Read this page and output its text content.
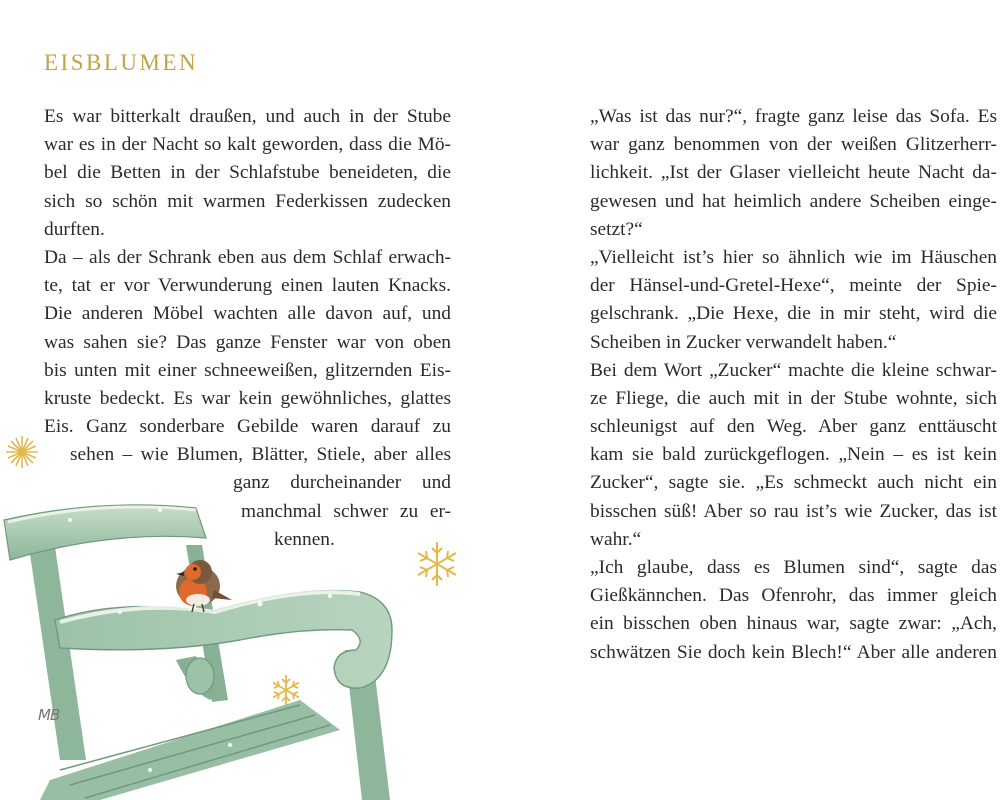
EISBLUMEN
Es war bitterkalt draußen, und auch in der Stube
war es in der Nacht so kalt geworden, dass die Mö-
bel die Betten in der Schlafstube beneideten, die
sich so schön mit warmen Federkissen zudecken
durften.
Da – als der Schrank eben aus dem Schlaf erwach-
te, tat er vor Verwunderung einen lauten Knacks.
Die anderen Möbel wachten alle davon auf, und
was sahen sie? Das ganze Fenster war von oben
bis unten mit einer schneeweißen, glitzernden Eis-
kruste bedeckt. Es war kein gewöhnliches, glattes
Eis. Ganz sonderbare Gebilde waren darauf zu
sehen – wie Blumen, Blätter, Stiele, aber alles
ganz durcheinander und
manchmal schwer zu er-
kennen.
„Was ist das nur?“, fragte ganz leise das Sofa. Es
war ganz benommen von der weißen Glitzerherr-
lichkeit. „Ist der Glaser vielleicht heute Nacht da-
gewesen und hat heimlich andere Scheiben einge-
setzt?“
„Vielleicht ist’s hier so ähnlich wie im Häuschen
der Hänsel-und-Gretel-Hexe“, meinte der Spie-
gelschrank. „Die Hexe, die in mir steht, wird die
Scheiben in Zucker verwandelt haben.“
Bei dem Wort „Zucker“ machte die kleine schwar-
ze Fliege, die auch mit in der Stube wohnte, sich
schleunigst auf den Weg. Aber ganz enttäuscht
kam sie bald zurückgeflogen. „Nein – es ist kein
Zucker“, sagte sie. „Es schmeckt auch nicht ein
bisschen süß! Aber so rau ist’s wie Zucker, das ist
wahr.“
„Ich glaube, dass es Blumen sind“, sagte das
Gießkännchen. Das Ofenrohr, das immer gleich
ein bisschen oben hinaus war, sagte zwar: „Ach,
schwätzen Sie doch kein Blech!“ Aber alle anderen
MB
